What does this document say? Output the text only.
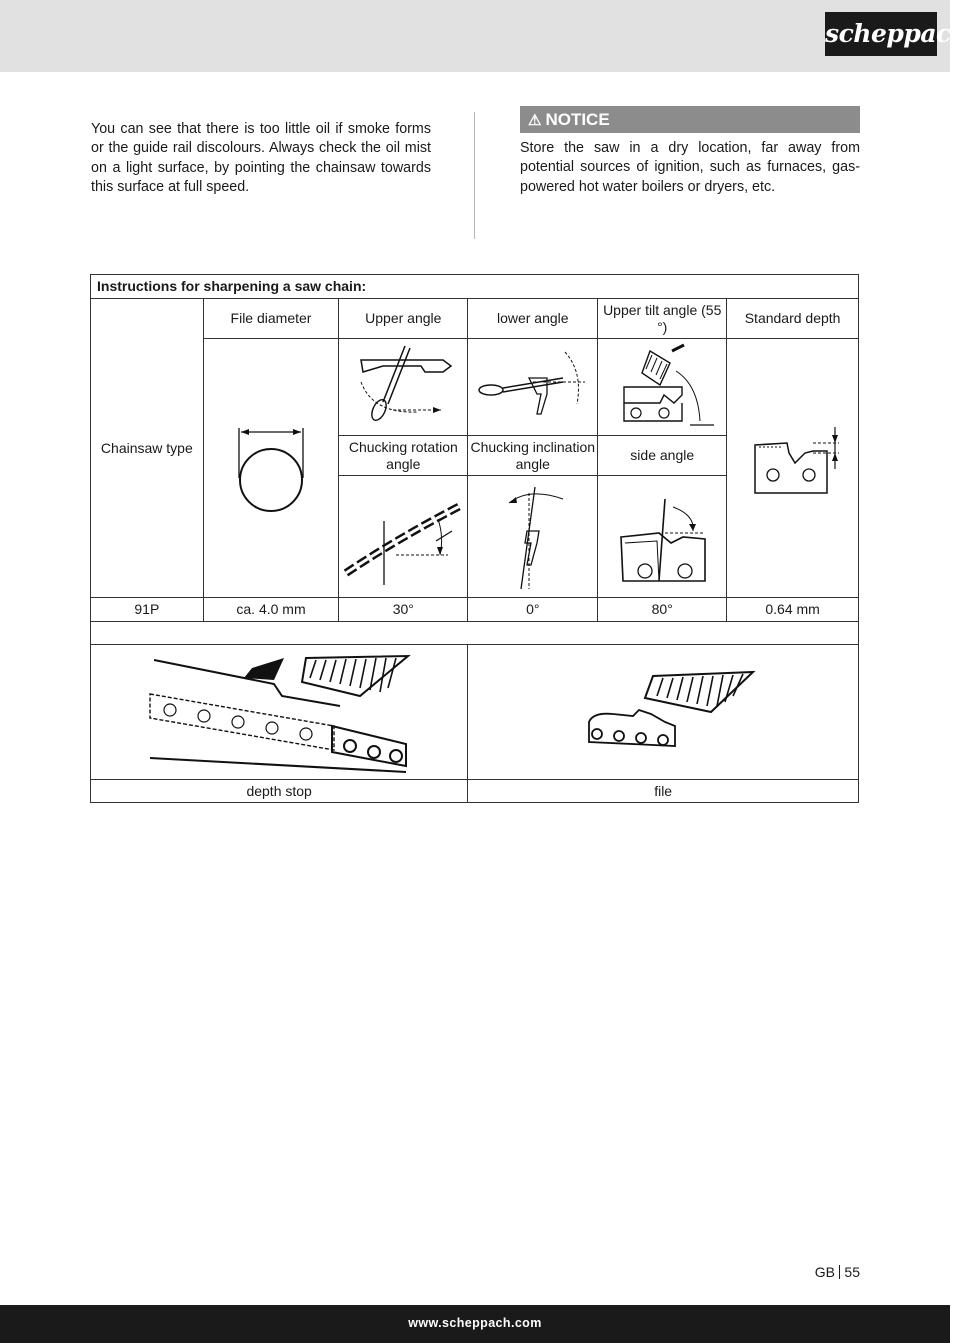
scheppach

You can see that there is too little oil if smoke forms or the guide rail discolours. Always check the oil mist on a light surface, by pointing the chainsaw towards this surface at full speed.

⚠ NOTICE

Store the saw in a dry location, far away from potential sources of ignition, such as furnaces, gas-powered hot water boilers or dryers, etc.

Instructions for sharpening a saw chain:					
Chainsaw type	File diameter	Upper angle	lower angle	Upper tilt angle (55 °)	Standard depth

		Chucking rotation angle	Chucking inclination angle	side angle	

91P	ca. 4.0 mm	30°	0°	80°	0.64 mm

depth stop			file		
GB 55
www.scheppach.com
